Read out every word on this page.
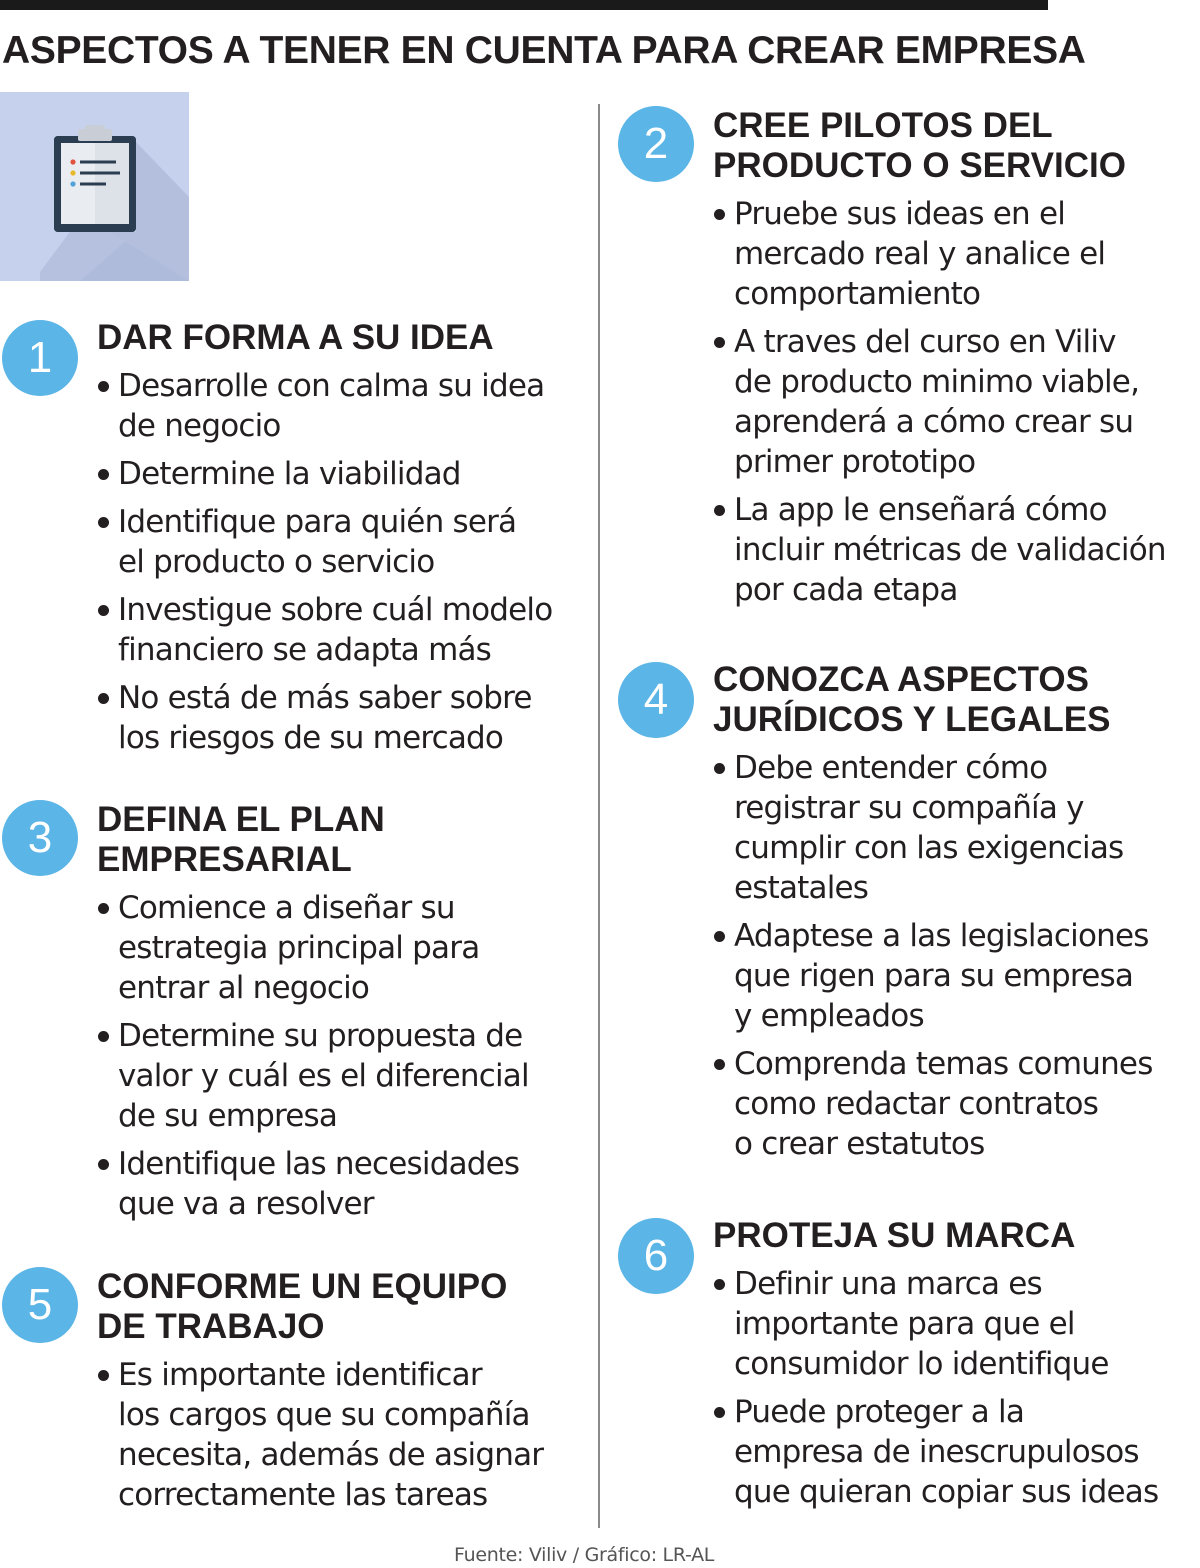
ASPECTOS A TENER EN CUENTA PARA CREAR EMPRESA
1	DAR FORMA A SU IDEA
Desarrolle con calma su idea
de negocio
Determine la viabilidad
Identifique para quién será
el producto o servicio
Investigue sobre cuál modelo
financiero se adapta más
No está de más saber sobre
los riesgos de su mercado
3	DEFINA EL PLAN
EMPRESARIAL
Comience a diseñar su
estrategia principal para
entrar al negocio
Determine su propuesta de
valor y cuál es el diferencial
de su empresa
Identifique las necesidades
que va a resolver
5	CONFORME UN EQUIPO
DE TRABAJO
Es importante identificar
los cargos que su compañía
necesita, además de asignar
correctamente las tareas
2	CREE PILOTOS DEL
PRODUCTO O SERVICIO
Pruebe sus ideas en el
mercado real y analice el
comportamiento
A traves del curso en Viliv
de producto minimo viable,
aprenderá a cómo crear su
primer prototipo
La app le enseñará cómo
incluir métricas de validación
por cada etapa
4	CONOZCA ASPECTOS
JURÍDICOS Y LEGALES
Debe entender cómo
registrar su compañía y
cumplir con las exigencias
estatales
Adaptese a las legislaciones
que rigen para su empresa
y empleados
Comprenda temas comunes
como redactar contratos
o crear estatutos
6	PROTEJA SU MARCA
Definir una marca es
importante para que el
consumidor lo identifique
Puede proteger a la
empresa de inescrupulosos
que quieran copiar sus ideas
Fuente: Viliv / Gráfico: LR-AL
